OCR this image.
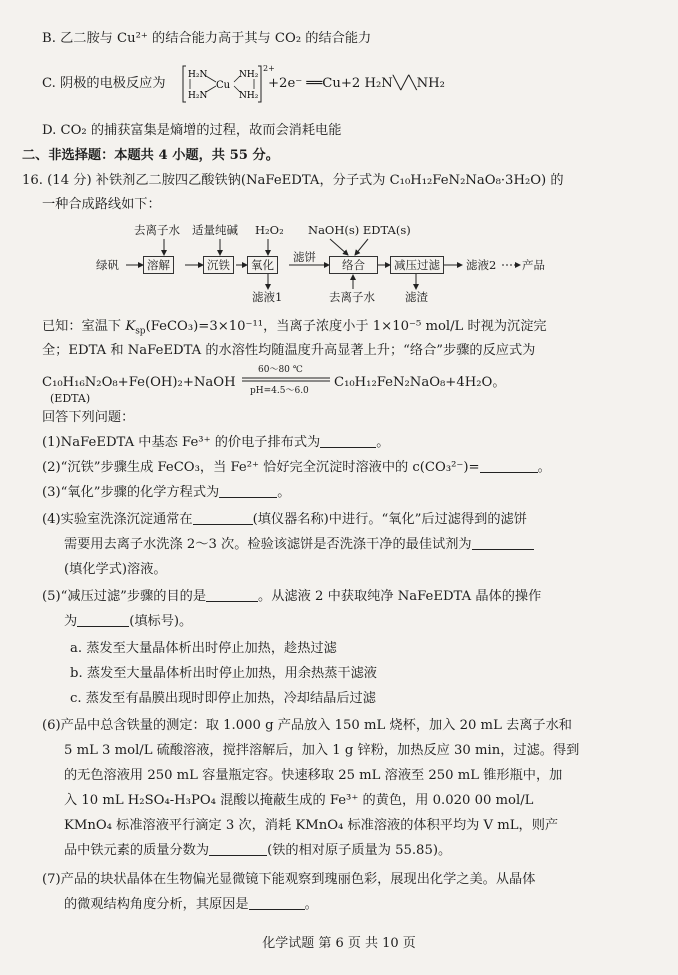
B. 乙二胺与 Cu²⁺ 的结合能力高于其与 CO₂ 的结合能力
C. 阴极的电极反应为
H₂N	NH₂
H₂N	NH₂
Cu
2+
+2e⁻ ══Cu+2 H₂N╲╱╲NH₂
D. CO₂ 的捕获富集是熵增的过程，故而会消耗电能
二、非选择题：本题共 4 小题，共 55 分。
16. (14 分) 补铁剂乙二胺四乙酸铁钠(NaFeEDTA，分子式为 C₁₀H₁₂FeN₂NaO₈·3H₂O) 的
一种合成路线如下：
去离子水 适量纯碱 H₂O₂ NaOH(s) EDTA(s)
绿矾	溶解	沉铁	氧化
滤饼
络合	减压过滤	滤液2 产品
滤液1	去离子水	滤渣
已知：室温下 $K_{sp}(FeCO_3)=3\times 10^{-11}$，当离子浓度小于 1×10⁻⁵ mol/L 时视为沉淀完
全；EDTA 和 NaFeEDTA 的水溶性均随温度升高显著上升；“络合”步骤的反应式为
C₁₀H₁₆N₂O₈+Fe(OH)₂+NaOH
60～80 ℃
pH=4.5～6.0
C₁₀H₁₂FeN₂NaO₈+4H₂O。
(EDTA)
回答下列问题：
(1)NaFeEDTA 中基态 Fe³⁺ 的价电子排布式为	。
(2)“沉铁”步骤生成 FeCO₃，当 Fe²⁺ 恰好完全沉淀时溶液中的 c(CO₃²⁻)=	。
(3)“氧化”步骤的化学方程式为	。
(4)实验室洗涤沉淀通常在	(填仪器名称)中进行。“氧化”后过滤得到的滤饼
需要用去离子水洗涤 2～3 次。检验该滤饼是否洗涤干净的最佳试剂为
(填化学式)溶液。
(5)“减压过滤”步骤的目的是	。从滤液 2 中获取纯净 NaFeEDTA 晶体的操作
为	(填标号)。
a. 蒸发至大量晶体析出时停止加热，趁热过滤
b. 蒸发至大量晶体析出时停止加热，用余热蒸干滤液
c. 蒸发至有晶膜出现时即停止加热，冷却结晶后过滤
(6)产品中总含铁量的测定：取 1.000 g 产品放入 150 mL 烧杯，加入 20 mL 去离子水和
5 mL 3 mol/L 硫酸溶液，搅拌溶解后，加入 1 g 锌粉，加热反应 30 min，过滤。得到
的无色溶液用 250 mL 容量瓶定容。快速移取 25 mL 溶液至 250 mL 锥形瓶中，加
入 10 mL H₂SO₄-H₃PO₄ 混酸以掩蔽生成的 Fe³⁺ 的黄色，用 0.020 00 mol/L
KMnO₄ 标准溶液平行滴定 3 次，消耗 KMnO₄ 标准溶液的体积平均为 V mL，则产
品中铁元素的质量分数为	(铁的相对原子质量为 55.85)。
(7)产品的块状晶体在生物偏光显微镜下能观察到瑰丽色彩，展现出化学之美。从晶体
的微观结构角度分析，其原因是	。
化学试题 第 6 页 共 10 页
